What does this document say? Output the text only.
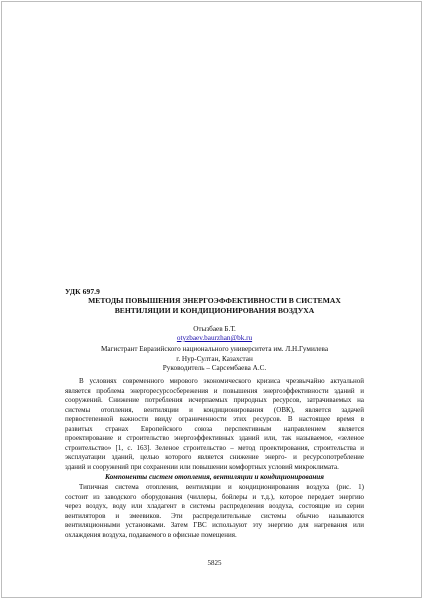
УДК 697.9
МЕТОДЫ ПОВЫШЕНИЯ ЭНЕРГОЭФФЕКТИВНОСТИ В СИСТЕМАХ
ВЕНТИЛЯЦИИ И КОНДИЦИОНИРОВАНИЯ ВОЗДУХА
Отызбаев Б.Т.
otyzbaev.baurzhan@bk.ru
Магистрант Евразийского национального университета им. Л.Н.Гумилева
г. Нур-Султан, Казахстан
Руководитель – Сарсембаева А.С.
В условиях современного мирового экономического кризиса чрезвычайно актуальной
является проблема энергоресурсосбережения и повышения энергоэффективности зданий и
сооружений. Снижение потребления исчерпаемых природных ресурсов, затрачиваемых на
системы отопления, вентиляции и кондиционирования (ОВК), является задачей
первостепенной важности ввиду ограниченности этих ресурсов. В настоящее время в
развитых странах Европейского союза перспективным направлением является
проектирование и строительство энергоэффективных зданий или, так называемое, «зеленое
строительство» [1, с. 163]. Зеленое строительство – метод проектирования, строительства и
эксплуатации зданий, целью которого является снижение энерго- и ресурсопотребление
зданий и сооружений при сохранении или повышении комфортных условий микроклимата.
Компоненты систем отопления, вентиляции и кондиционирования
Типичная система отопления, вентиляции и кондиционирования воздуха (рис. 1)
состоит из заводского оборудования (чиллеры, бойлеры и т.д.), которое передает энергию
через воздух, воду или хладагент в системы распределения воздуха, состоящие из серии
вентиляторов и змеевиков. Эти распределительные системы обычно называются
вентиляционными установками. Затем ГВС используют эту энергию для нагревания или
охлаждения воздуха, подаваемого в офисные помещения.
5825
